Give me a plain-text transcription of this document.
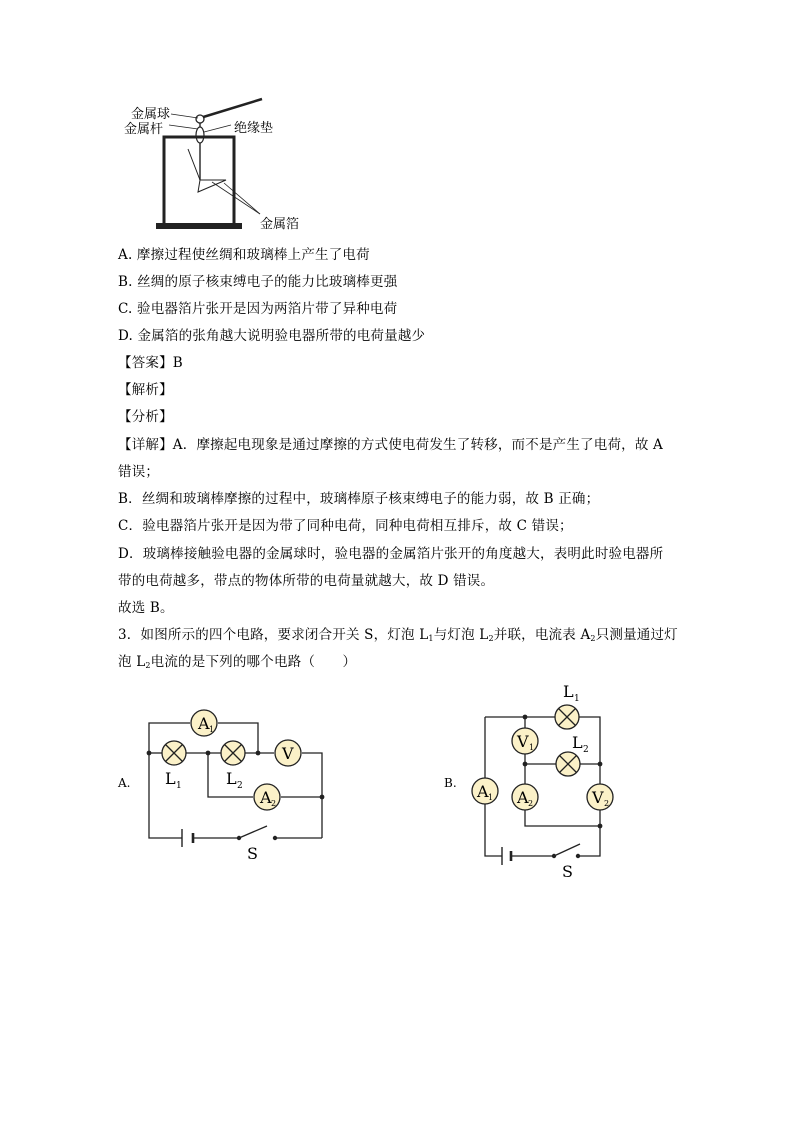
金属球
金属杆	绝缘垫
金属箔
A. 摩擦过程使丝绸和玻璃棒上产生了电荷
B. 丝绸的原子核束缚电子的能力比玻璃棒更强
C. 验电器箔片张开是因为两箔片带了异种电荷
D. 金属箔的张角越大说明验电器所带的电荷量越少
【答案】B
【解析】
【分析】
【详解】A．摩擦起电现象是通过摩擦的方式使电荷发生了转移，而不是产生了电荷，故 A
错误；
B．丝绸和玻璃棒摩擦的过程中，玻璃棒原子核束缚电子的能力弱，故 B 正确；
C．验电器箔片张开是因为带了同种电荷，同种电荷相互排斥，故 C 错误；
D．玻璃棒接触验电器的金属球时，验电器的金属箔片张开的角度越大，表明此时验电器所
带的电荷越多，带点的物体所带的电荷量就越大，故 D 错误。
故选 B。
3．如图所示的四个电路，要求闭合开关 S，灯泡 $L_1$与灯泡 $L_2$并联，电流表 $A_2$只测量通过灯
泡 $L_2$电流的是下列的哪个电路（　　）
A.
A 1
V
A 2
L 1	L 2
S
B.
L 1
L 2
V 1
A 1 A 2	V 2
S
